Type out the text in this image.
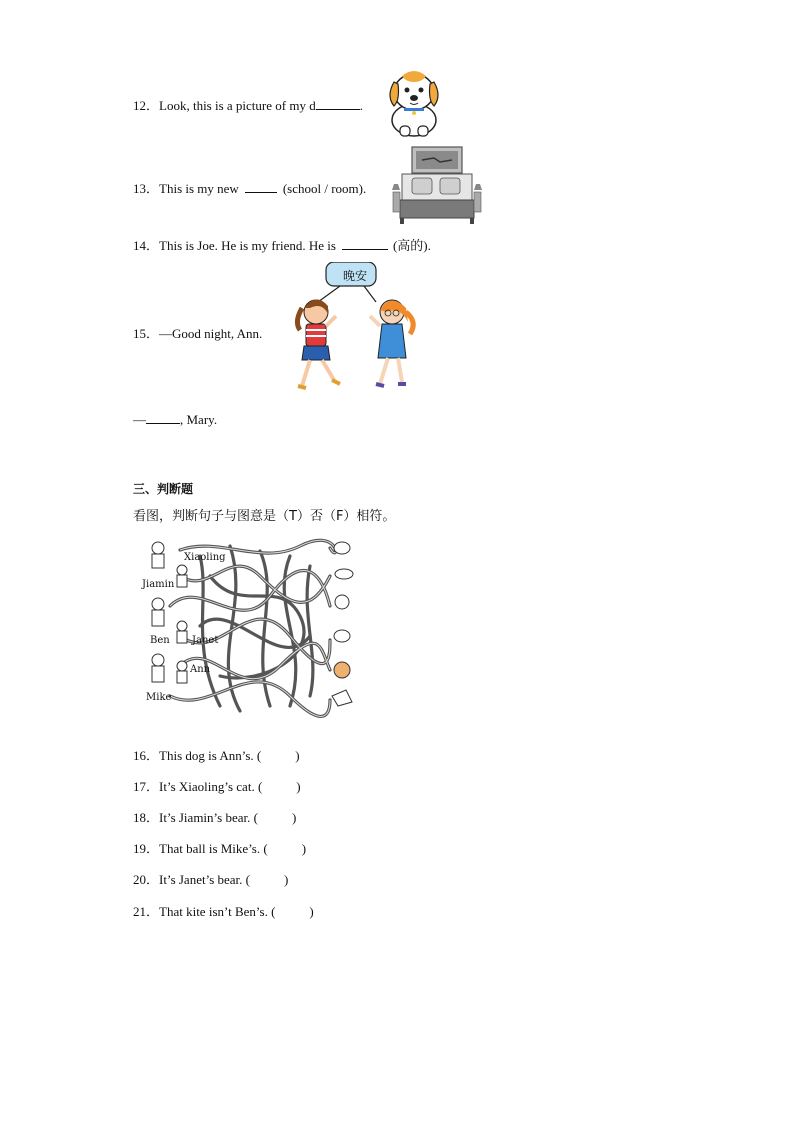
12．Look, this is a picture of my d	.
13．This is my new	(school / room).
14．This is Joe. He is my friend. He is	(高的).
15．—Good night, Ann.
晚安
—	, Mary.
三、判断题
看图，判断句子与图意是（T）否（F）相符。
Xiaoling
Jiamin
Ben Janet
Ann
Mike
16．This dog is Ann’s. (	)
17．It’s Xiaoling’s cat. (	)
18．It’s Jiamin’s bear. (	)
19．That ball is Mike’s. (	)
20．It’s Janet’s bear. (	)
21．That kite isn’t Ben’s. (	)
